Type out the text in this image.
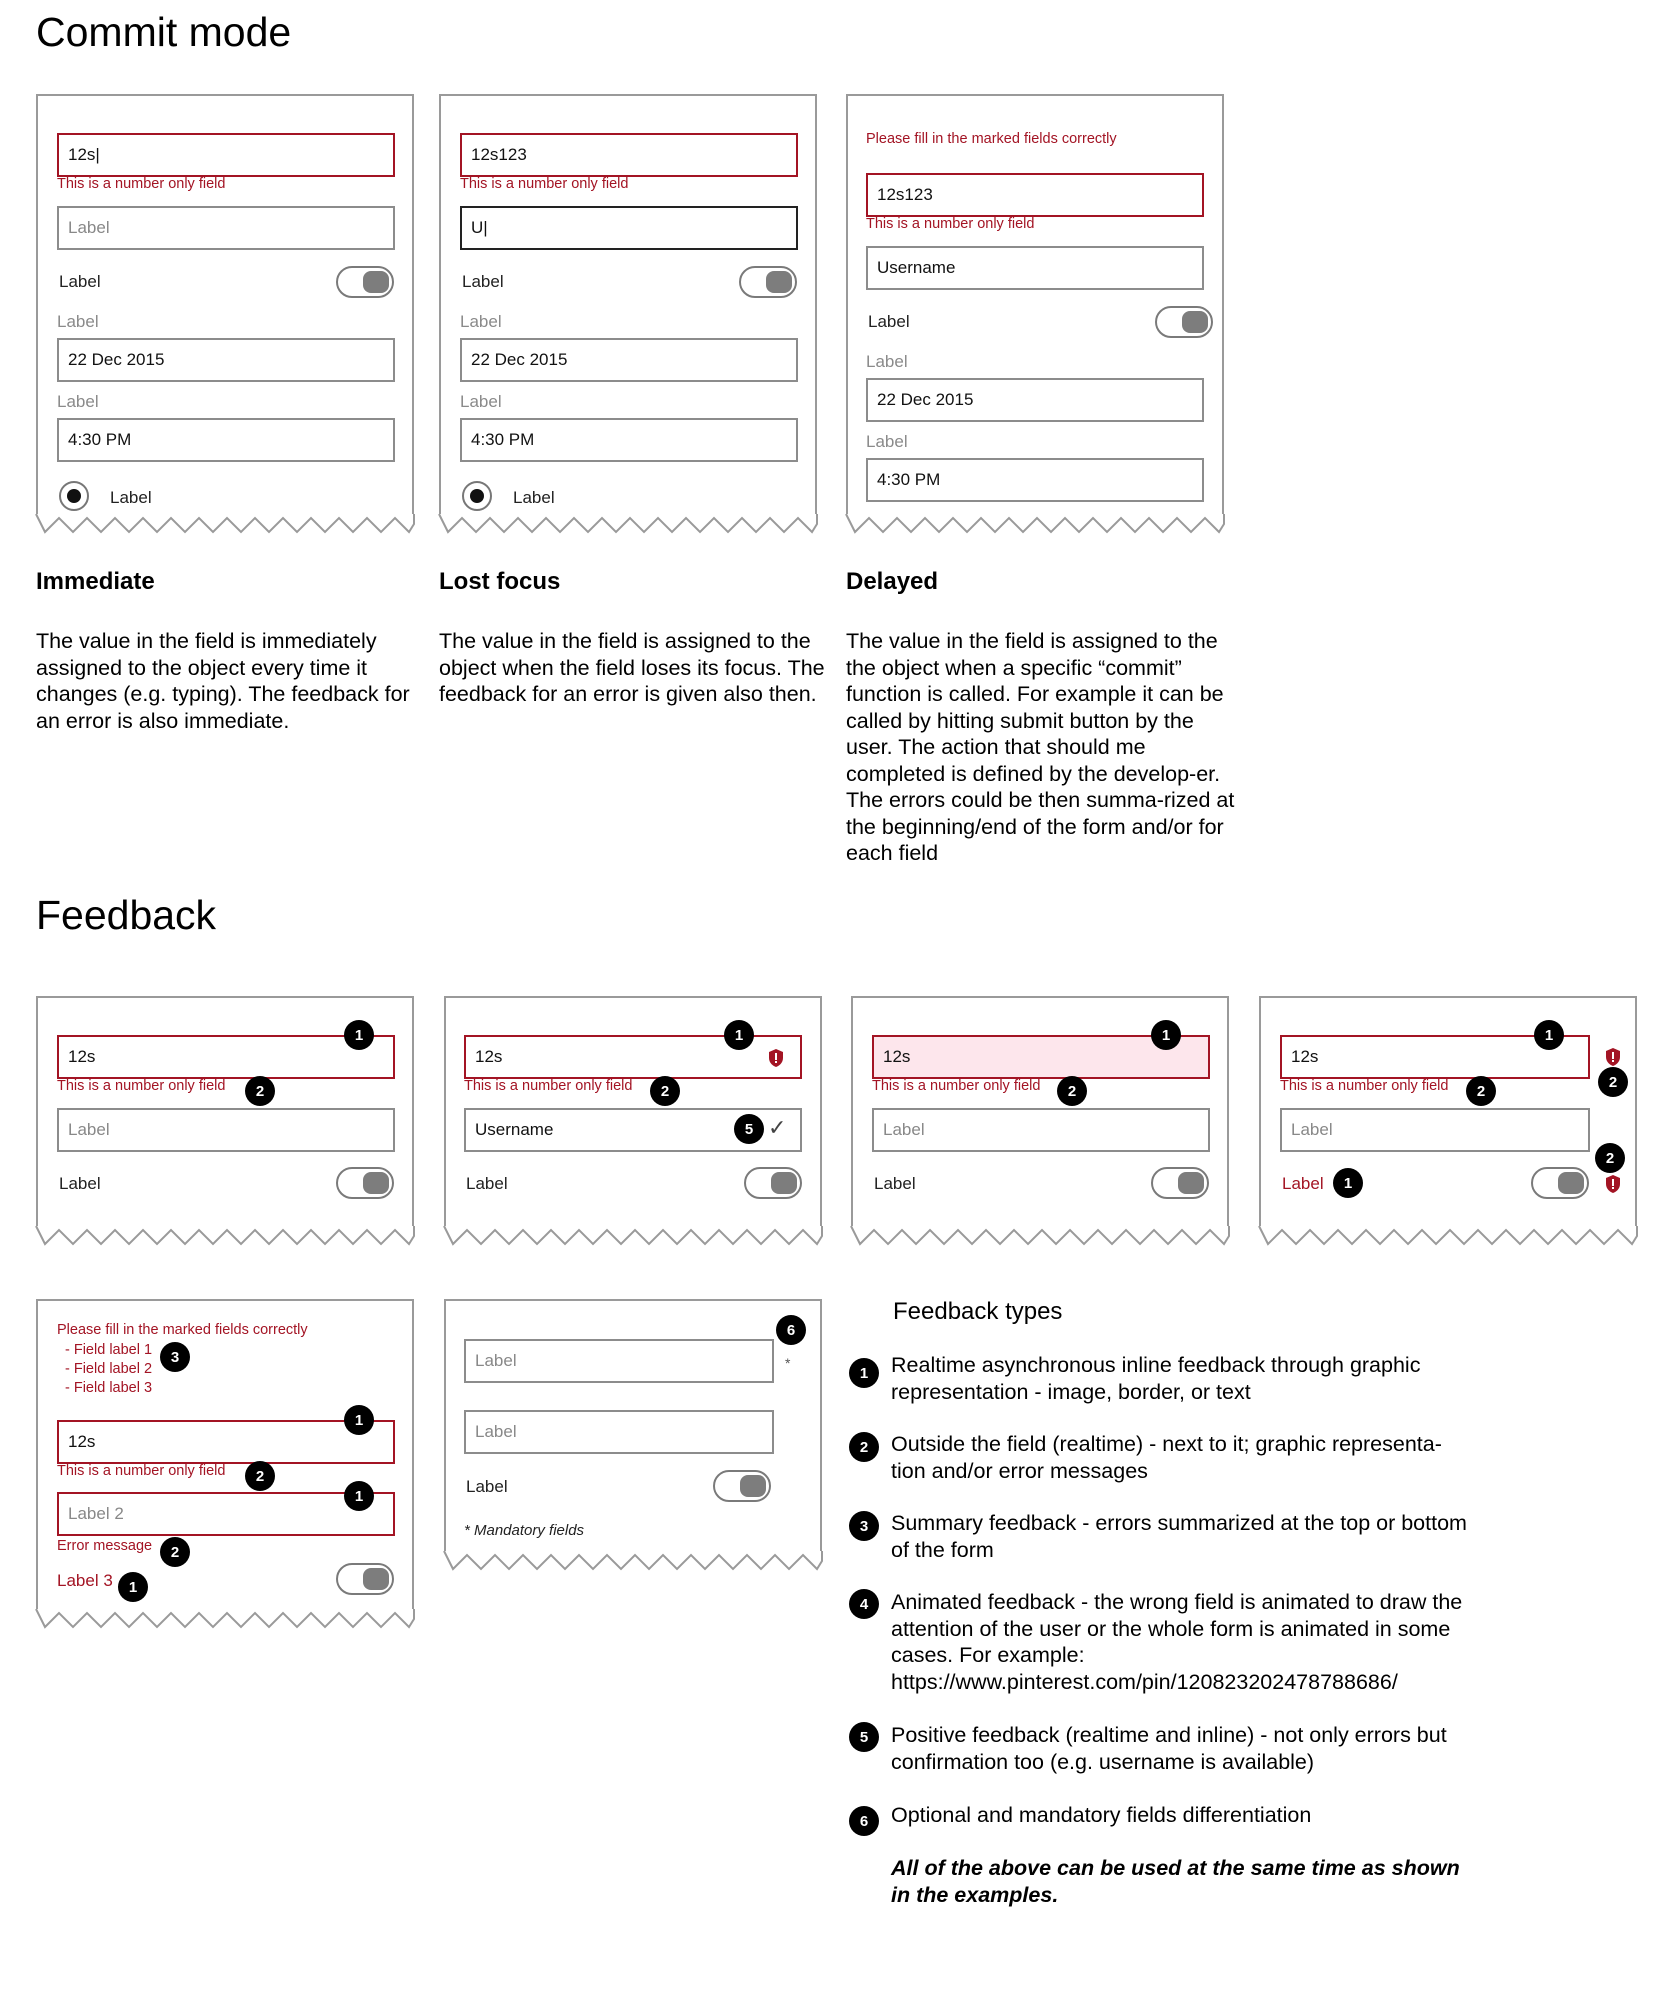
Commit mode
12s|
This is a number only field
Label
Label
Label
22 Dec 2015
Label
4:30 PM
Label
12s123
This is a number only field
U|
Label
Label
22 Dec 2015
Label
4:30 PM
Label
Please fill in the marked fields correctly
12s123
This is a number only field
Username
Label
Label
22 Dec 2015
Label
4:30 PM
Immediate
The value in the field is immediately assigned to the object every time it changes (e.g. typing). The feedback for an error is also immediate.
Lost focus
The value in the field is assigned to the object when the field loses its focus. The feedback for an error is given also then.
Delayed
The value in the field is assigned to the the object when a specific “commit” function is called. For example it can be called by hitting submit button by the user. The action that should me completed is defined by the develop-er. The errors could be then summa-rized at the beginning/end of the form and/or for each field
Feedback
12s
This is a number only field
Label
Label
1
2
12s
This is a number only field
Username	✓
Label
1
2
5
12s
This is a number only field
Label
Label
1
2
12s
This is a number only field
Label
Label
1
2
2
2
1
Please fill in the marked fields correctly
- Field label 1
- Field label 2
- Field label 3
3
12s
This is a number only field
1
2
Label 2
1
Error message	2
Label 3	1
6
Label	*
Label
Label
* Mandatory fields
Feedback types
1	Realtime asynchronous inline feedback through graphic representation - image, border, or text
2	Outside the field (realtime) - next to it; graphic representa-tion and/or error messages
3	Summary feedback - errors summarized at the top or bottom of the form
4	Animated feedback - the wrong field is animated to draw the attention of the user or the whole form is animated in some cases. For example: https://www.pinterest.com/pin/120823202478788686/
5	Positive feedback (realtime and inline) - not only errors but confirmation too (e.g. username is available)
6	Optional and mandatory fields differentiation
All of the above can be used at the same time as shown in the examples.
